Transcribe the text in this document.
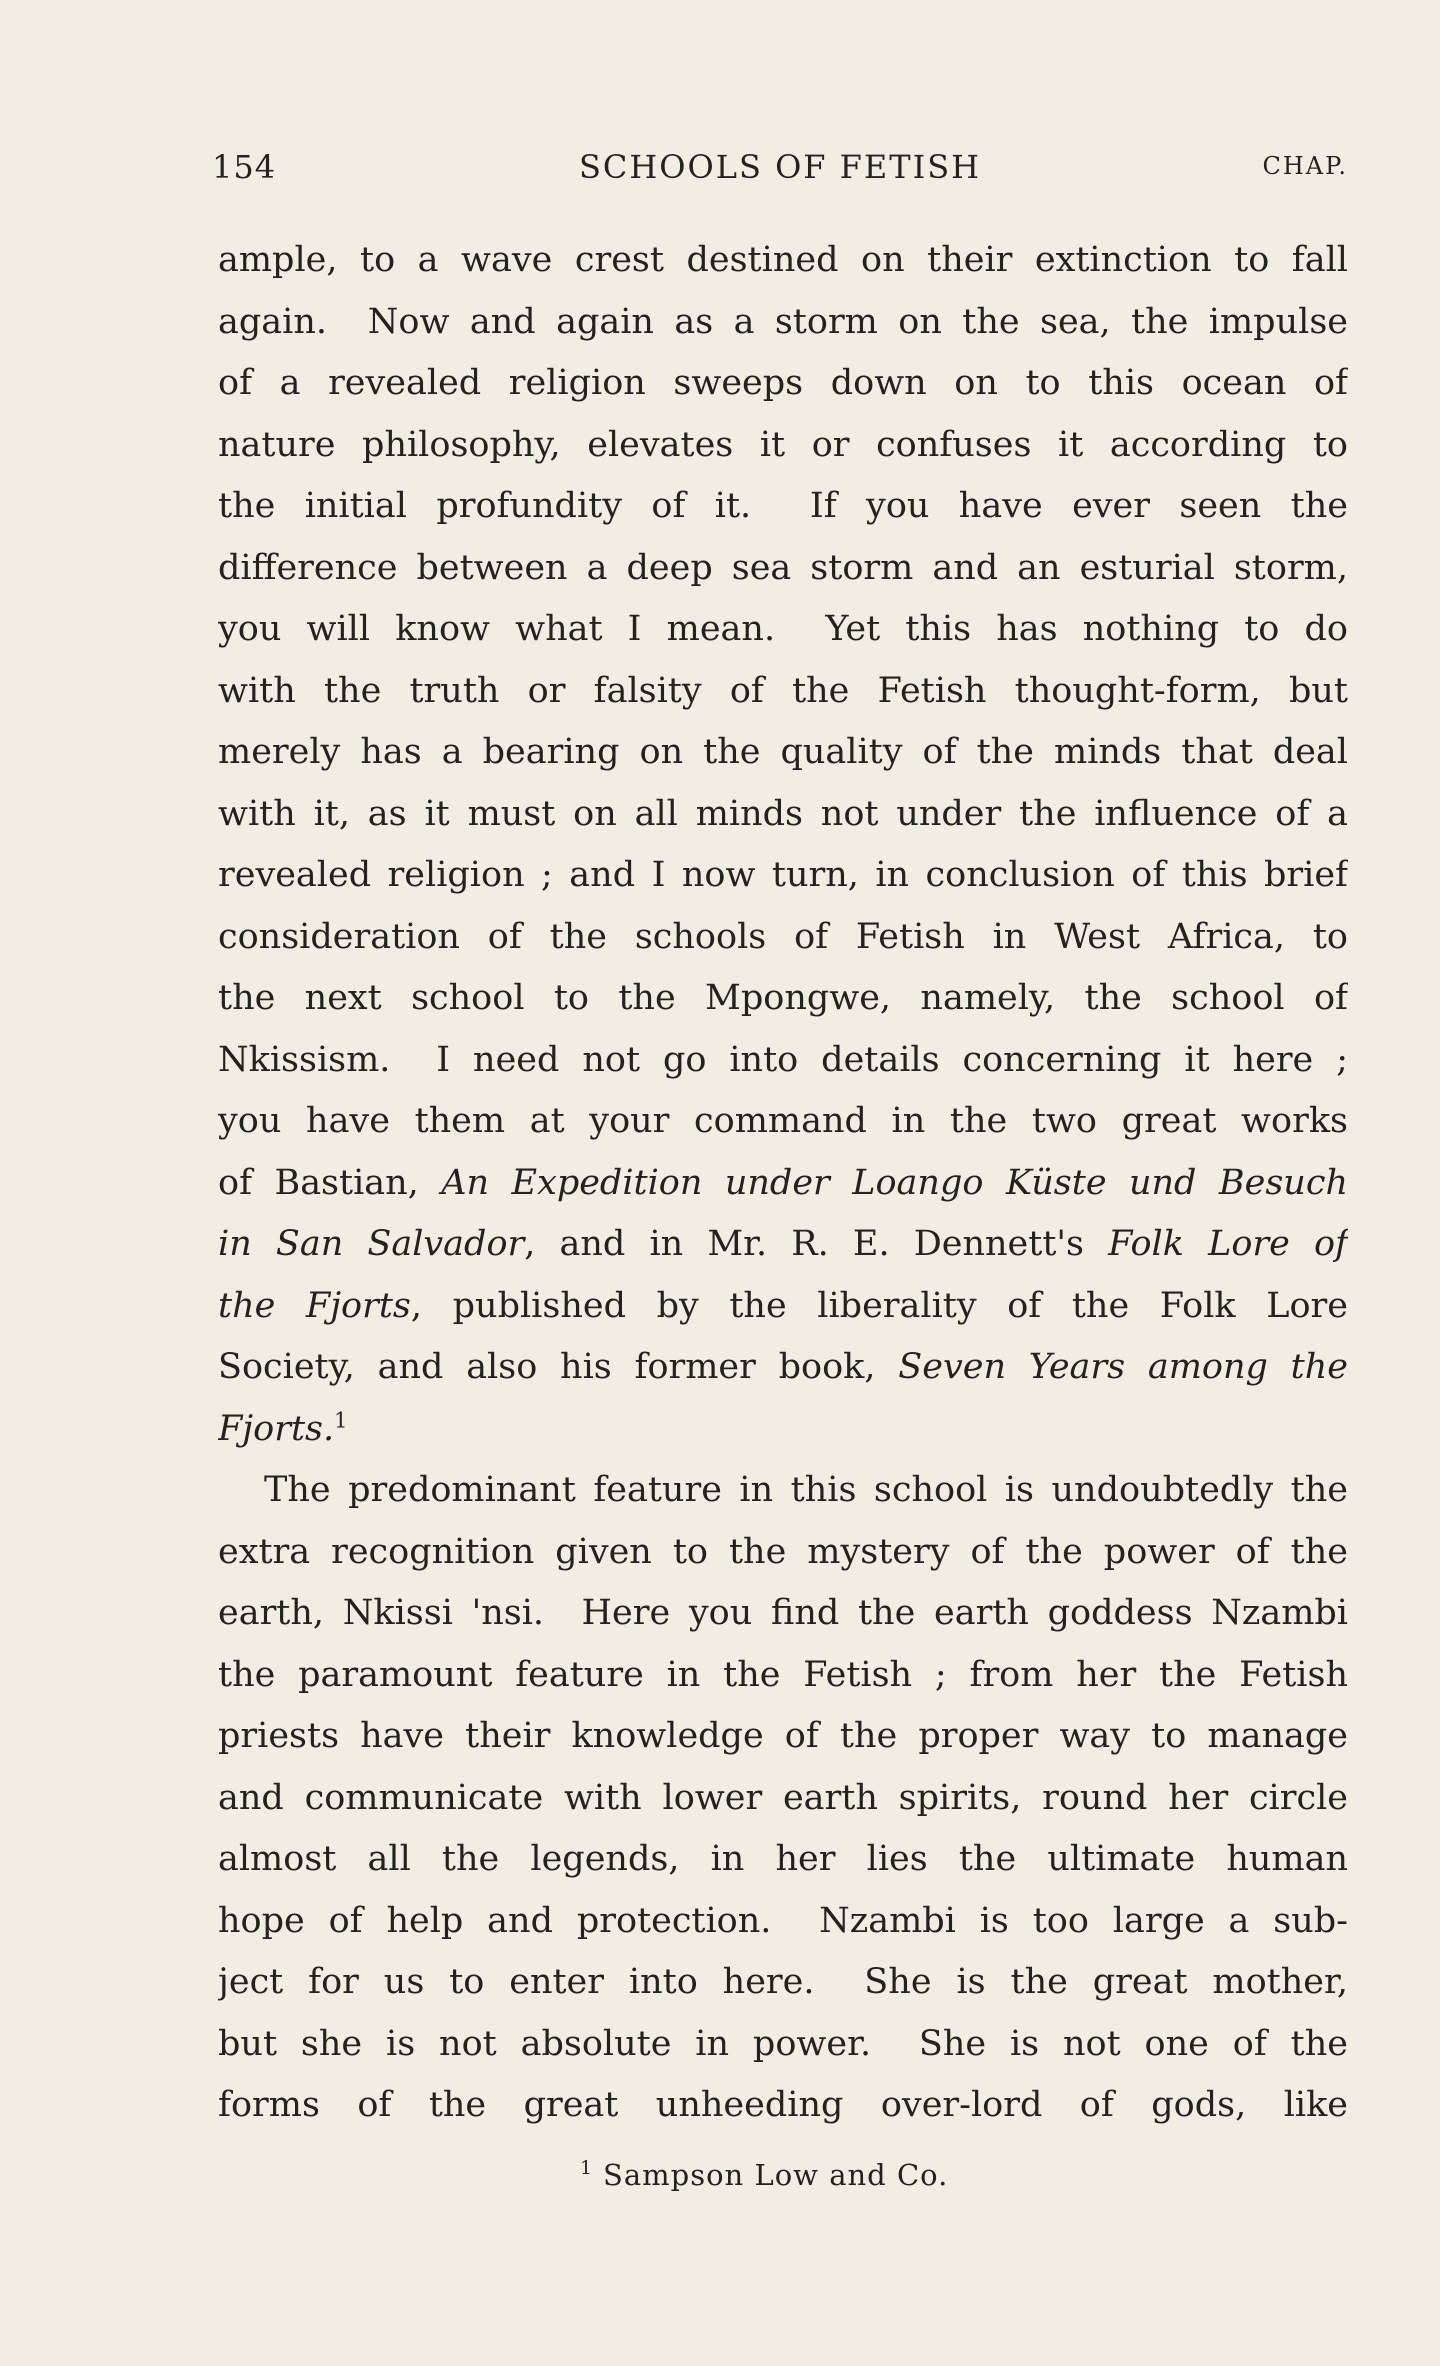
154	SCHOOLS OF FETISH	CHAP.
ample, to a wave crest destined on their extinction to fall
again.  Now and again as a storm on the sea, the impulse
of a revealed religion sweeps down on to this ocean of
nature philosophy, elevates it or confuses it according to
the initial profundity of it.  If you have ever seen the
difference between a deep sea storm and an esturial storm,
you will know what I mean.  Yet this has nothing to do
with the truth or falsity of the Fetish thought-form, but
merely has a bearing on the quality of the minds that deal
with it, as it must on all minds not under the influence of a
revealed religion ; and I now turn, in conclusion of this brief
consideration of the schools of Fetish in West Africa, to
the next school to the Mpongwe, namely, the school of
Nkissism.  I need not go into details concerning it here ;
you have them at your command in the two great works
of Bastian, An Expedition under Loango Küste und Besuch
in San Salvador, and in Mr. R. E. Dennett's Folk Lore of
the Fjorts, published by the liberality of the Folk Lore
Society, and also his former book, Seven Years among the
Fjorts.$^1$
The predominant feature in this school is undoubtedly the
extra recognition given to the mystery of the power of the
earth, Nkissi 'nsi.  Here you find the earth goddess Nzambi
the paramount feature in the Fetish ; from her the Fetish
priests have their knowledge of the proper way to manage
and communicate with lower earth spirits, round her circle
almost all the legends, in her lies the ultimate human
hope of help and protection.  Nzambi is too large a sub-
ject for us to enter into here.  She is the great mother,
but she is not absolute in power.  She is not one of the
forms of the great unheeding over-lord of gods, like
$^1$ Sampson Low and Co.
